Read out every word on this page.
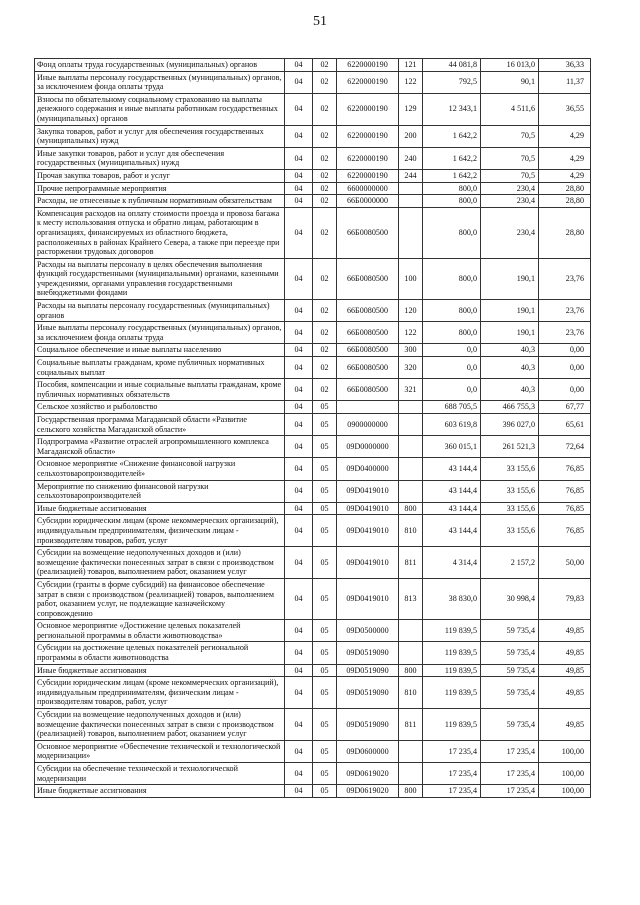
51
Фонд оплаты труда государственных (муниципальных) органов	04	02	6220000190	121	44 081,8	16 013,0	36,33
Иные выплаты персоналу государственных (муниципальных) органов, за исключением фонда оплаты труда	04	02	6220000190	122	792,5	90,1	11,37
Взносы по обязательному социальному страхованию на выплаты денежного содержания и иные выплаты работникам государственных (муниципальных) органов	04	02	6220000190	129	12 343,1	4 511,6	36,55
Закупка товаров, работ и услуг для обеспечения государственных (муниципальных) нужд	04	02	6220000190	200	1 642,2	70,5	4,29
Иные закупки товаров, работ и услуг для обеспечения государственных (муниципальных) нужд	04	02	6220000190	240	1 642,2	70,5	4,29
Прочая закупка товаров, работ и услуг	04	02	6220000190	244	1 642,2	70,5	4,29
Прочие непрограммные мероприятия	04	02	6600000000		800,0	230,4	28,80
Расходы, не отнесенные к публичным нормативным обязательствам	04	02	66Б0000000		800,0	230,4	28,80
Компенсация расходов на оплату стоимости проезда и провоза багажа к месту использования отпуска и обратно лицам, работающим в организациях, финансируемых из областного бюджета, расположенных в районах Крайнего Севера, а также при переезде при расторжении трудовых договоров	04	02	66Б0080500		800,0	230,4	28,80
Расходы на выплаты персоналу в целях обеспечения выполнения функций государственными (муниципальными) органами, казенными учреждениями, органами управления государственными внебюджетными фондами	04	02	66Б0080500	100	800,0	190,1	23,76
Расходы на выплаты персоналу государственных (муниципальных) органов	04	02	66Б0080500	120	800,0	190,1	23,76
Иные выплаты персоналу государственных (муниципальных) органов, за исключением фонда оплаты труда	04	02	66Б0080500	122	800,0	190,1	23,76
Социальное обеспечение и иные выплаты населению	04	02	66Б0080500	300	0,0	40,3	0,00
Социальные выплаты гражданам, кроме публичных нормативных социальных выплат	04	02	66Б0080500	320	0,0	40,3	0,00
Пособия, компенсации и иные социальные выплаты гражданам, кроме публичных нормативных обязательств	04	02	66Б0080500	321	0,0	40,3	0,00
Сельское хозяйство и рыболовство	04	05			688 705,5	466 755,3	67,77
Государственная программа Магаданской области «Развитие сельского хозяйства Магаданской области»	04	05	0900000000		603 619,8	396 027,0	65,61
Подпрограмма «Развитие отраслей агропромышленного комплекса Магаданской области»	04	05	09D0000000		360 015,1	261 521,3	72,64
Основное мероприятие «Снижение финансовой нагрузки сельхозтоваропроизводителей»	04	05	09D0400000		43 144,4	33 155,6	76,85
Мероприятие по снижению финансовой нагрузки сельхозтоваропроизводителей	04	05	09D0419010		43 144,4	33 155,6	76,85
Иные бюджетные ассигнования	04	05	09D0419010	800	43 144,4	33 155,6	76,85
Субсидии юридическим лицам (кроме некоммерческих организаций), индивидуальным предпринимателям, физическим лицам - производителям товаров, работ, услуг	04	05	09D0419010	810	43 144,4	33 155,6	76,85
Субсидии на возмещение недополученных доходов и (или) возмещение фактически понесенных затрат в связи с производством (реализацией) товаров, выполнением работ, оказанием услуг	04	05	09D0419010	811	4 314,4	2 157,2	50,00
Субсидии (гранты в форме субсидий) на финансовое обеспечение затрат в связи с производством (реализацией) товаров, выполнением работ, оказанием услуг, не подлежащие казначейскому сопровождению	04	05	09D0419010	813	38 830,0	30 998,4	79,83
Основное мероприятие «Достижение целевых показателей региональной программы в области животноводства»	04	05	09D0500000		119 839,5	59 735,4	49,85
Субсидии на достижение целевых показателей региональной программы в области животноводства	04	05	09D0519090		119 839,5	59 735,4	49,85
Иные бюджетные ассигнования	04	05	09D0519090	800	119 839,5	59 735,4	49,85
Субсидии юридическим лицам (кроме некоммерческих организаций), индивидуальным предпринимателям, физическим лицам - производителям товаров, работ, услуг	04	05	09D0519090	810	119 839,5	59 735,4	49,85
Субсидии на возмещение недополученных доходов и (или) возмещение фактически понесенных затрат в связи с производством (реализацией) товаров, выполнением работ, оказанием услуг	04	05	09D0519090	811	119 839,5	59 735,4	49,85
Основное мероприятие «Обеспечение технической и технологической модернизации»	04	05	09D0600000		17 235,4	17 235,4	100,00
Субсидии на обеспечение технической и технологической модернизации	04	05	09D0619020		17 235,4	17 235,4	100,00
Иные бюджетные ассигнования	04	05	09D0619020	800	17 235,4	17 235,4	100,00
